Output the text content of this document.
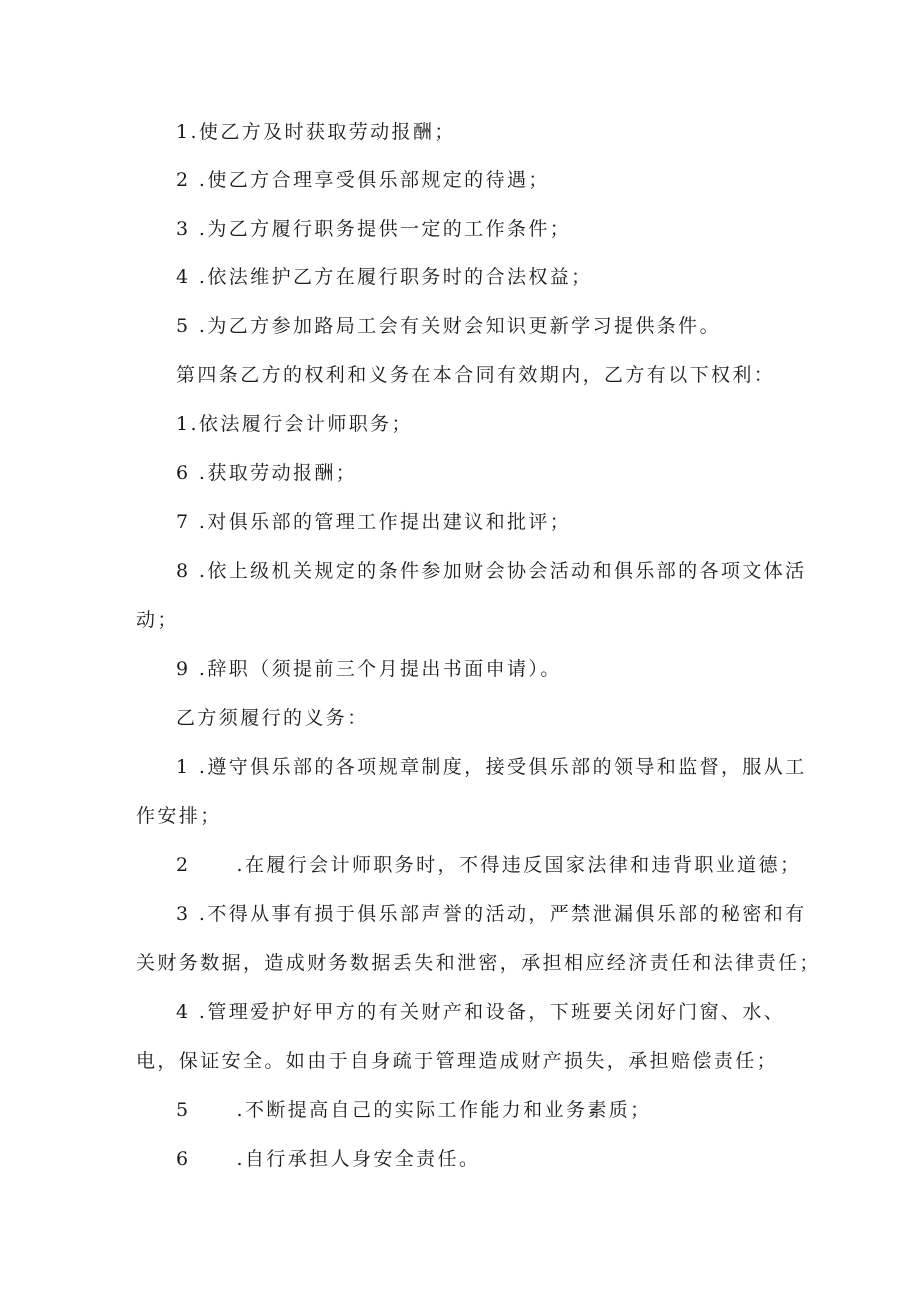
1.使乙方及时获取劳动报酬；
2 .使乙方合理享受俱乐部规定的待遇；
3 .为乙方履行职务提供一定的工作条件；
4 .依法维护乙方在履行职务时的合法权益；
5 .为乙方参加路局工会有关财会知识更新学习提供条件。
第四条乙方的权利和义务在本合同有效期内，乙方有以下权利：
1.依法履行会计师职务；
6 .获取劳动报酬；
7 .对俱乐部的管理工作提出建议和批评；
8 .依上级机关规定的条件参加财会协会活动和俱乐部的各项文体活
动；
9 .辞职（须提前三个月提出书面申请）。
乙方须履行的义务：
1 .遵守俱乐部的各项规章制度，接受俱乐部的领导和监督，服从工
作安排；
2 .在履行会计师职务时，不得违反国家法律和违背职业道德；
3 .不得从事有损于俱乐部声誉的活动，严禁泄漏俱乐部的秘密和有
关财务数据，造成财务数据丢失和泄密，承担相应经济责任和法律责任；
4 .管理爱护好甲方的有关财产和设备，下班要关闭好门窗、水、
电，保证安全。如由于自身疏于管理造成财产损失，承担赔偿责任；
5 .不断提高自己的实际工作能力和业务素质；
6 .自行承担人身安全责任。
